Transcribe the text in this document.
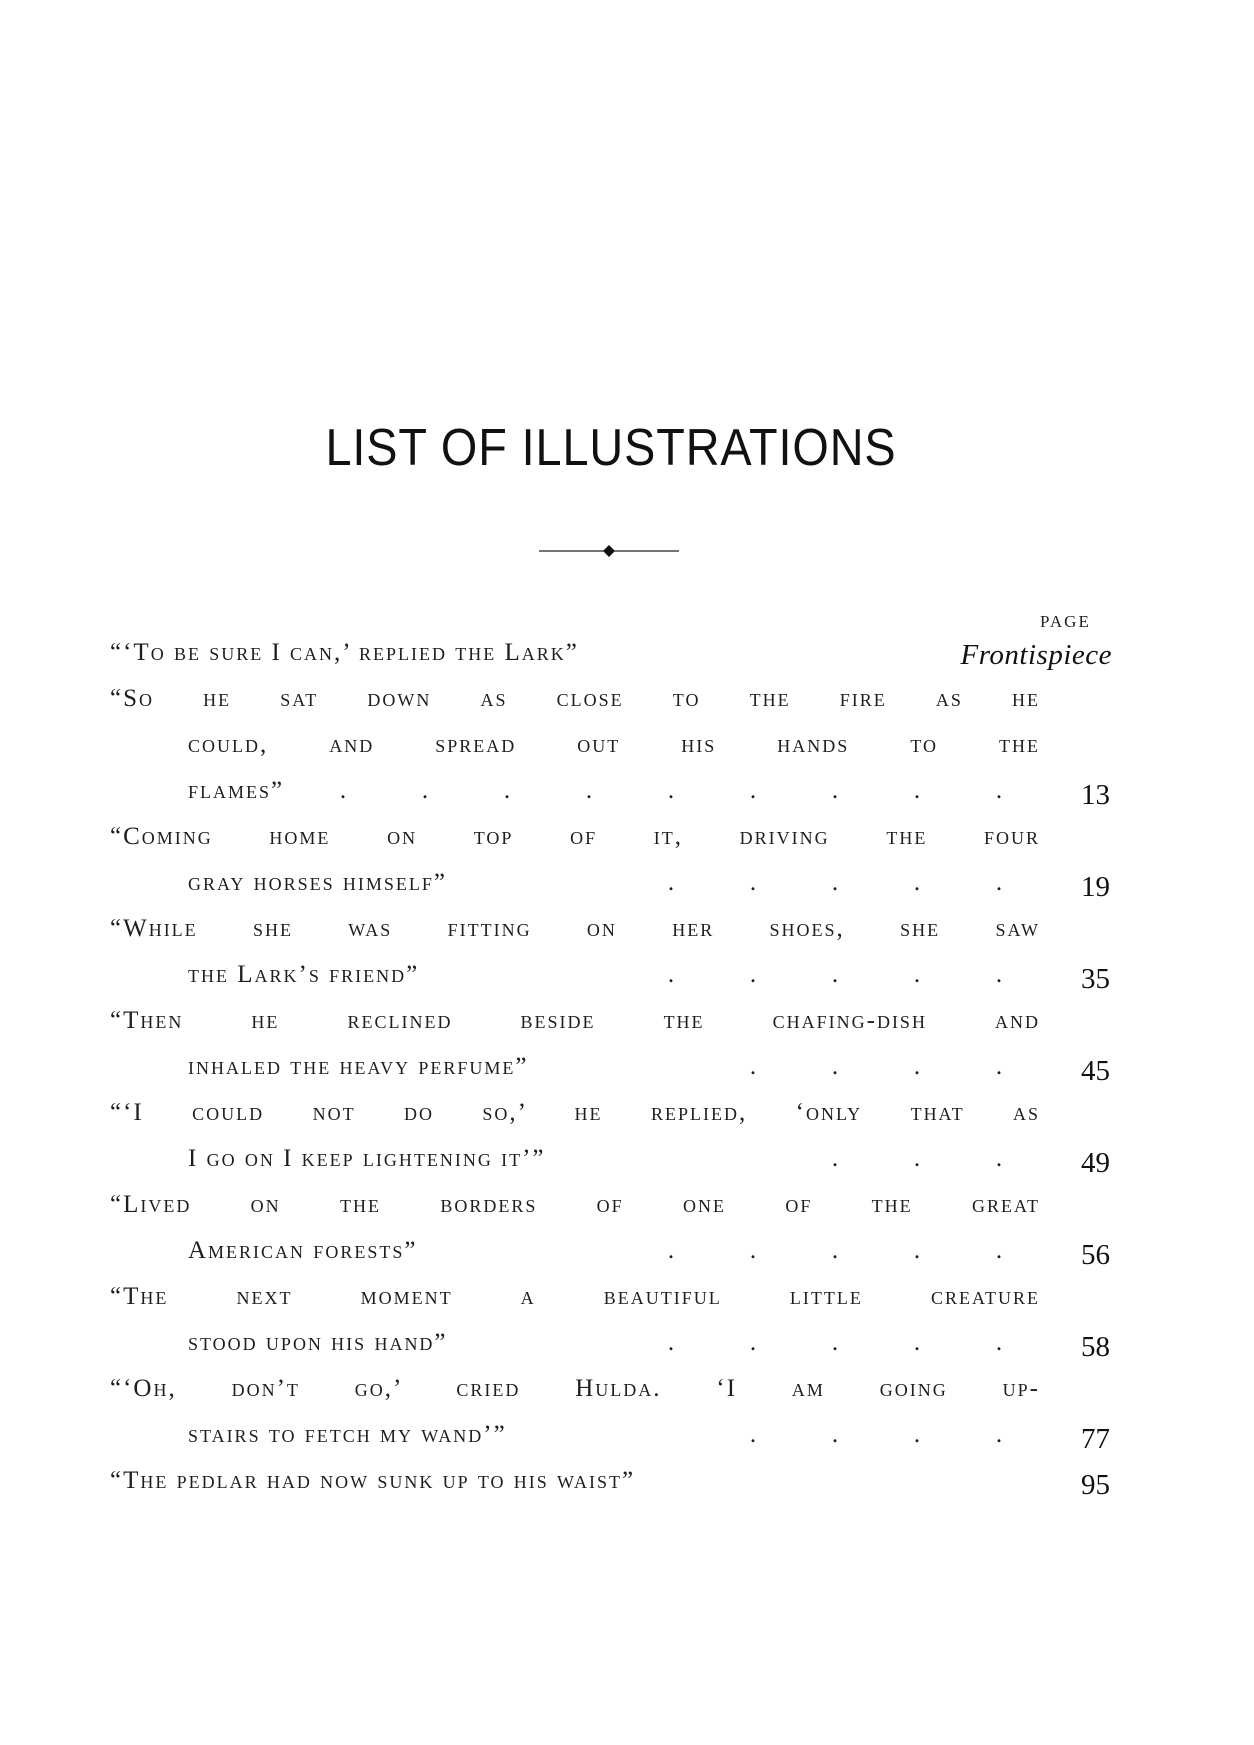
LIST OF ILLUSTRATIONS
PAGE
“‘To be sure I can,’ replied the Lark”	Frontispiece
“So he sat down as close to the fire as he
could, and spread out his hands to the
flames”	.	.	.	.	.	.	.	.	.	13
“Coming home on top of it, driving the four
gray horses himself”	.	.	.	.	.	19
“While she was fitting on her shoes, she saw
the Lark’s friend”	.	.	.	.	.	35
“Then he reclined beside the chafing-dish and
inhaled the heavy perfume”	.	.	.	.	45
“‘I could not do so,’ he replied, ‘only that as
I go on I keep lightening it’”	.	.	.	49
“Lived on the borders of one of the great
American forests”	.	.	.	.	.	56
“The next moment a beautiful little creature
stood upon his hand”	.	.	.	.	.	58
“‘Oh, don’t go,’ cried Hulda. ‘I am going up-
stairs to fetch my wand’”	.	.	.	.	77
“The pedlar had now sunk up to his waist”	95
